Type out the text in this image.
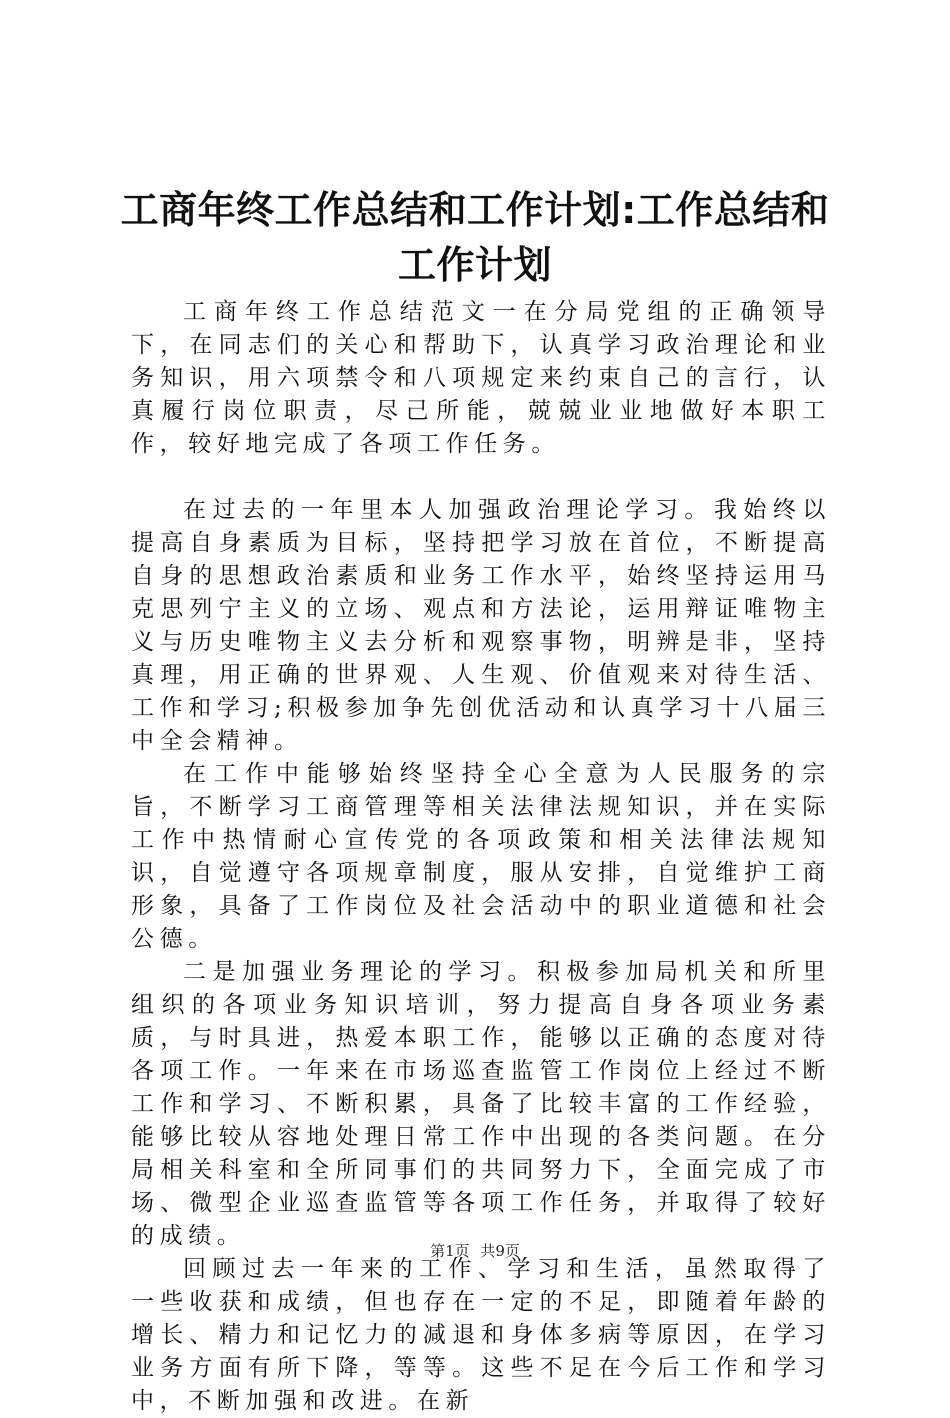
工商年终工作总结和工作计划:工作总结和工作计划

工商年终工作总结范文一在分局党组的正确领导下，在同志们的关心和帮助下，认真学习政治理论和业务知识，用六项禁令和八项规定来约束自己的言行，认真履行岗位职责，尽己所能，兢兢业业地做好本职工作，较好地完成了各项工作任务。

在过去的一年里本人加强政治理论学习。我始终以提高自身素质为目标，坚持把学习放在首位，不断提高自身的思想政治素质和业务工作水平，始终坚持运用马克思列宁主义的立场、观点和方法论，运用辩证唯物主义与历史唯物主义去分析和观察事物，明辨是非，坚持真理，用正确的世界观、人生观、价值观来对待生活、工作和学习;积极参加争先创优活动和认真学习十八届三中全会精神。

在工作中能够始终坚持全心全意为人民服务的宗旨，不断学习工商管理等相关法律法规知识，并在实际工作中热情耐心宣传党的各项政策和相关法律法规知识，自觉遵守各项规章制度，服从安排，自觉维护工商形象，具备了工作岗位及社会活动中的职业道德和社会公德。

二是加强业务理论的学习。积极参加局机关和所里组织的各项业务知识培训，努力提高自身各项业务素质，与时具进，热爱本职工作，能够以正确的态度对待各项工作。一年来在市场巡查监管工作岗位上经过不断工作和学习、不断积累，具备了比较丰富的工作经验，能够比较从容地处理日常工作中出现的各类问题。在分局相关科室和全所同事们的共同努力下，全面完成了市场、微型企业巡查监管等各项工作任务，并取得了较好的成绩。

回顾过去一年来的工作、学习和生活，虽然取得了一些收获和成绩，但也存在一定的不足，即随着年龄的增长、精力和记忆力的减退和身体多病等原因，在学习业务方面有所下降，等等。这些不足在今后工作和学习中，不断加强和改进。在新

第1页 共9页
